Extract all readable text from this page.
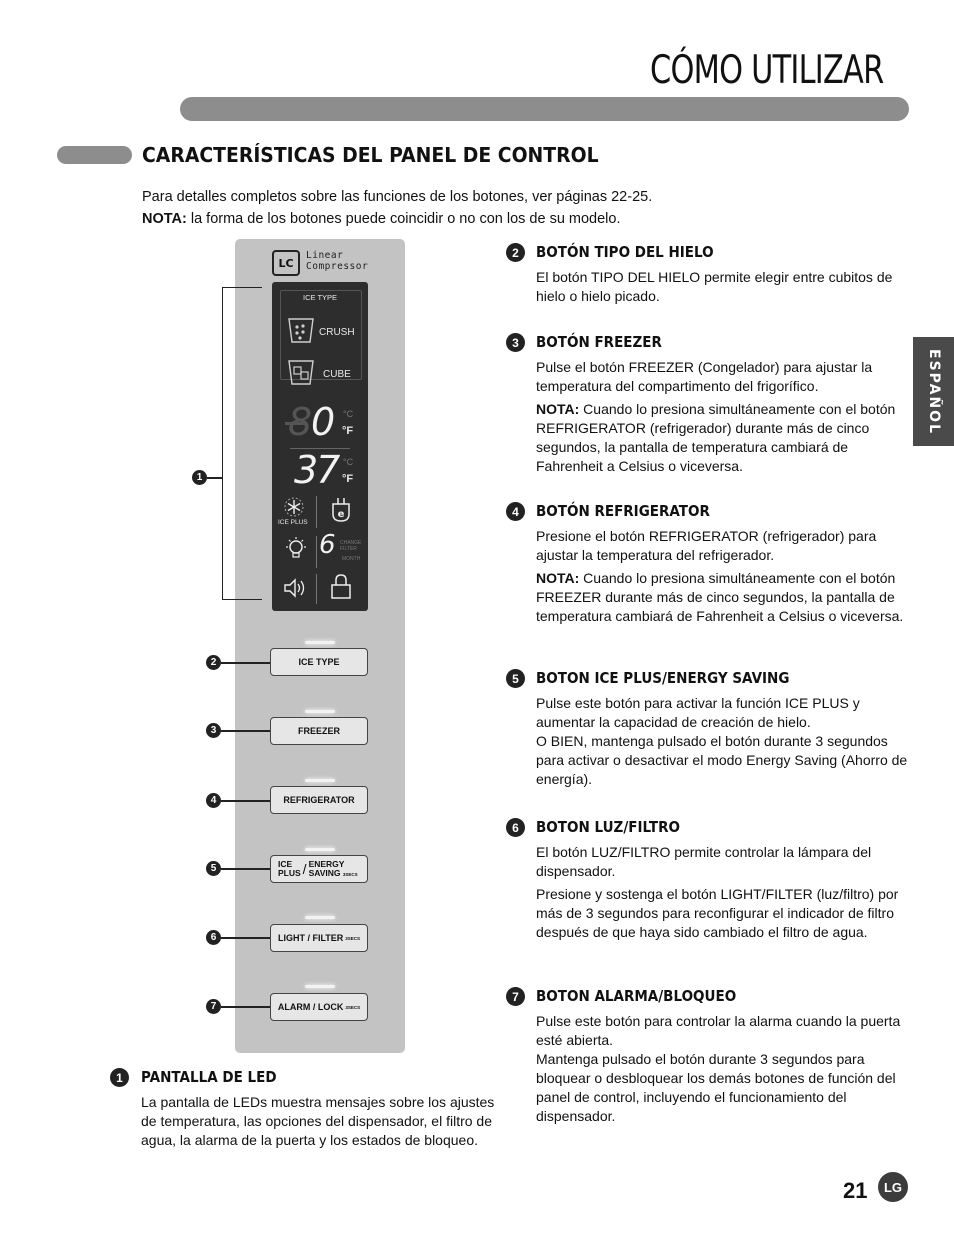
CÓMO UTILIZAR
CARACTERÍSTICAS DEL PANEL DE CONTROL
Para detalles completos sobre las funciones de los botones, ver páginas 22-25.
NOTA: la forma de los botones puede coincidir o no con los de su modelo.
ESPAÑOL
LC
Linear
Compressor
ICE TYPE
CRUSH
CUBE
8 0 °C
°F
37 °C
°F
ICE PLUS
e
6 CHANGE FILTER
MONTH
ICE TYPE
FREEZER
REFRIGERATOR
ICE
PLUS / ENERGY
SAVING 3SECS
LIGHT / FILTER 3SECS
ALARM / LOCK 3SECS
1
2
3
4
5
6
7
1	PANTALLA DE LED

La pantalla de LEDs muestra mensajes sobre los ajustes de temperatura, las opciones del dispensador, el filtro de agua, la alarma de la puerta y los estados de bloqueo.

2	BOTÓN TIPO DEL HIELO

El botón TIPO DEL HIELO permite elegir entre cubitos de hielo o hielo picado.

3	BOTÓN FREEZER

Pulse el botón FREEZER (Congelador) para ajustar la temperatura del compartimento del frigorífico.

NOTA: Cuando lo presiona simultáneamente con el botón REFRIGERATOR (refrigerador) durante más de cinco segundos, la pantalla de temperatura cambiará de Fahrenheit a Celsius o viceversa.

4	BOTÓN REFRIGERATOR

Presione el botón REFRIGERATOR (refrigerador) para ajustar la temperatura del refrigerador.

NOTA: Cuando lo presiona simultáneamente con el botón FREEZER durante más de cinco segundos, la pantalla de temperatura cambiará de Fahrenheit a Celsius o viceversa.

5	BOTON ICE PLUS/ENERGY SAVING

Pulse este botón para activar la función ICE PLUS y aumentar la capacidad de creación de hielo.

O BIEN, mantenga pulsado el botón durante 3 segundos para activar o desactivar el modo Energy Saving (Ahorro de energía).

6	BOTON LUZ/FILTRO

El botón LUZ/FILTRO permite controlar la lámpara del dispensador.

Presione y sostenga el botón LIGHT/FILTER (luz/filtro) por más de 3 segundos para reconfigurar el indicador de filtro después de que haya sido cambiado el filtro de agua.

7	BOTON ALARMA/BLOQUEO

Pulse este botón para controlar la alarma cuando la puerta esté abierta.

Mantenga pulsado el botón durante 3 segundos para bloquear o desbloquear los demás botones de función del panel de control, incluyendo el funcionamiento del dispensador.

21	LG
